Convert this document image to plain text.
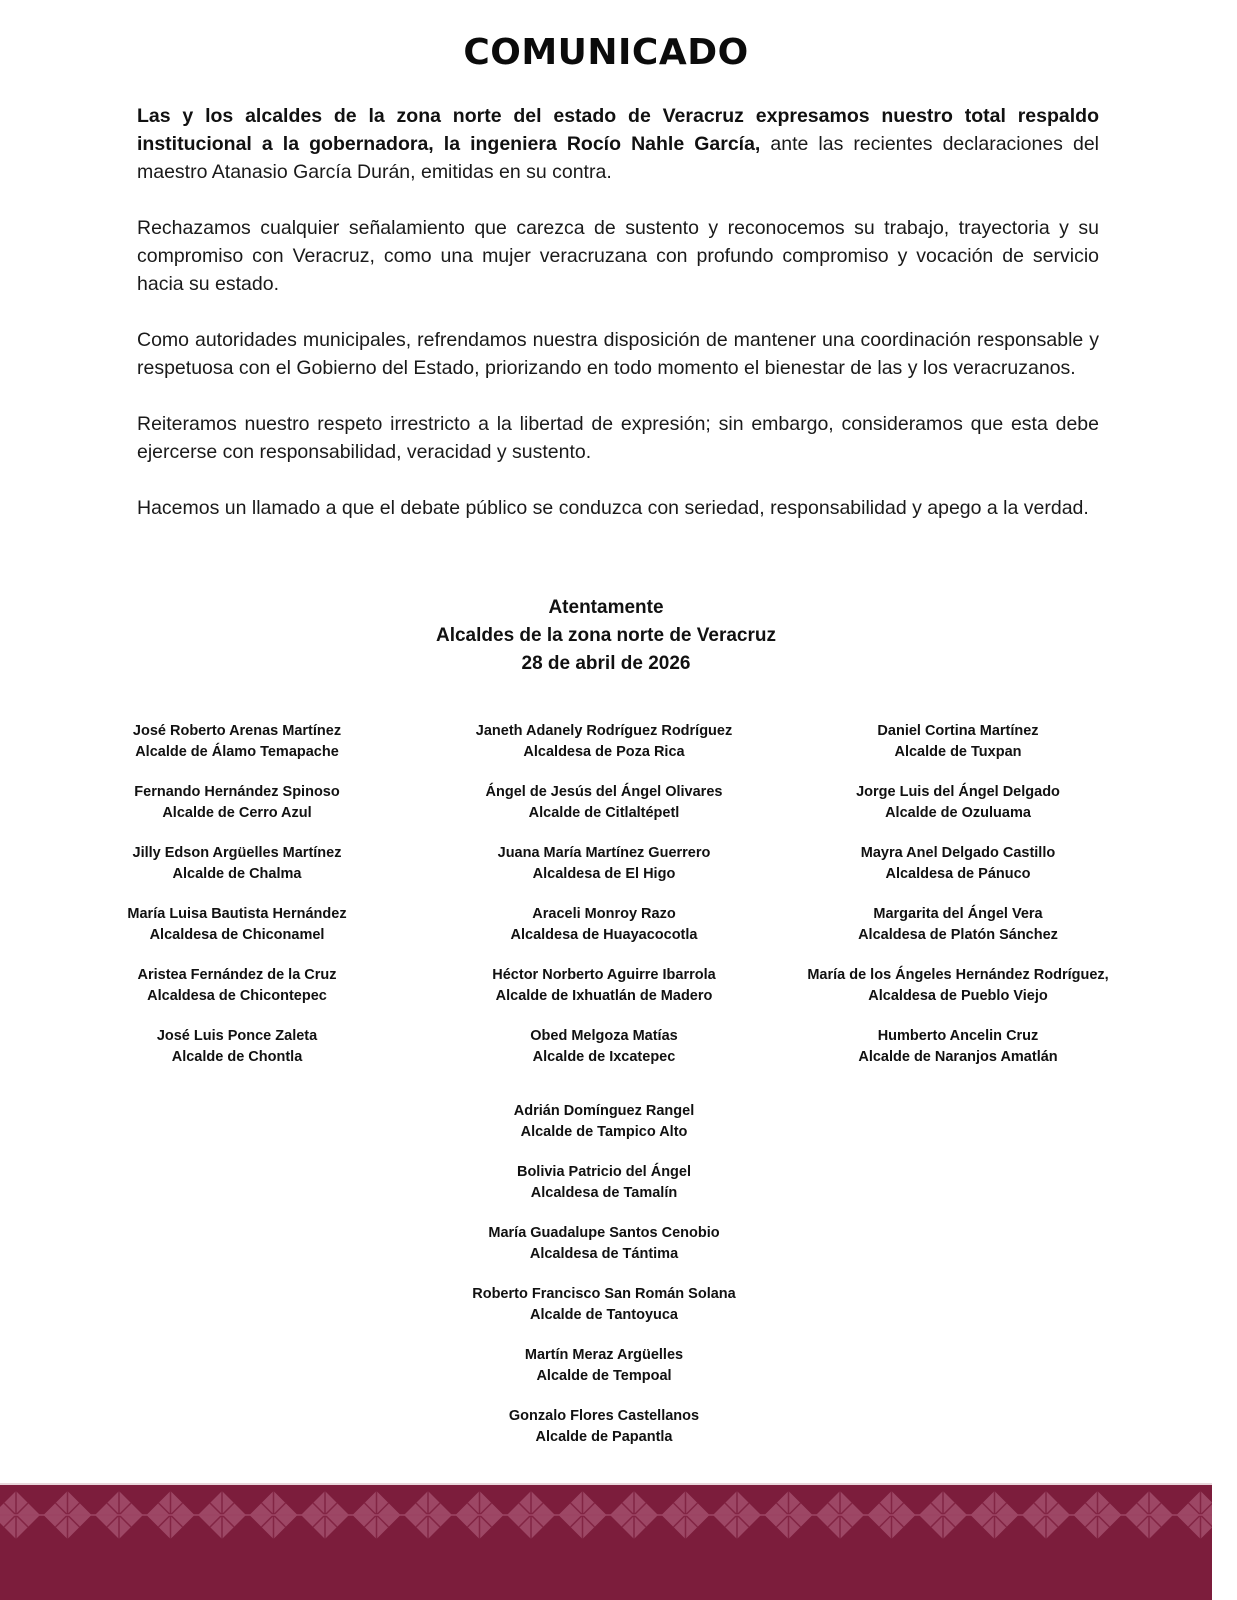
COMUNICADO

Las y los alcaldes de la zona norte del estado de Veracruz expresamos nuestro total respaldo institucional a la gobernadora, la ingeniera Rocío Nahle García, ante las recientes declaraciones del maestro Atanasio García Durán, emitidas en su contra.

Rechazamos cualquier señalamiento que carezca de sustento y reconocemos su trabajo, trayectoria y su compromiso con Veracruz, como una mujer veracruzana con profundo compromiso y vocación de servicio hacia su estado.

Como autoridades municipales, refrendamos nuestra disposición de mantener una coordinación responsable y respetuosa con el Gobierno del Estado, priorizando en todo momento el bienestar de las y los veracruzanos.

Reiteramos nuestro respeto irrestricto a la libertad de expresión; sin embargo, consideramos que esta debe ejercerse con responsabilidad, veracidad y sustento.

Hacemos un llamado a que el debate público se conduzca con seriedad, responsabilidad y apego a la verdad.

Atentamente
Alcaldes de la zona norte de Veracruz
28 de abril de 2026
José Roberto Arenas Martínez
Alcalde de Álamo Temapache
Fernando Hernández Spinoso
Alcalde de Cerro Azul
Jilly Edson Argüelles Martínez
Alcalde de Chalma
María Luisa Bautista Hernández
Alcaldesa de Chiconamel
Aristea Fernández de la Cruz
Alcaldesa de Chicontepec
José Luis Ponce Zaleta
Alcalde de Chontla
Janeth Adanely Rodríguez Rodríguez
Alcaldesa de Poza Rica
Ángel de Jesús del Ángel Olivares
Alcalde de Citlaltépetl
Juana María Martínez Guerrero
Alcaldesa de El Higo
Araceli Monroy Razo
Alcaldesa de Huayacocotla
Héctor Norberto Aguirre Ibarrola
Alcalde de Ixhuatlán de Madero
Obed Melgoza Matías
Alcalde de Ixcatepec
Daniel Cortina Martínez
Alcalde de Tuxpan
Jorge Luis del Ángel Delgado
Alcalde de Ozuluama
Mayra Anel Delgado Castillo
Alcaldesa de Pánuco
Margarita del Ángel Vera
Alcaldesa de Platón Sánchez
María de los Ángeles Hernández Rodríguez,
Alcaldesa de Pueblo Viejo
Humberto Ancelin Cruz
Alcalde de Naranjos Amatlán
Adrián Domínguez Rangel
Alcalde de Tampico Alto
Bolivia Patricio del Ángel
Alcaldesa de Tamalín
María Guadalupe Santos Cenobio
Alcaldesa de Tántima
Roberto Francisco San Román Solana
Alcalde de Tantoyuca
Martín Meraz Argüelles
Alcalde de Tempoal
Gonzalo Flores Castellanos
Alcalde de Papantla
